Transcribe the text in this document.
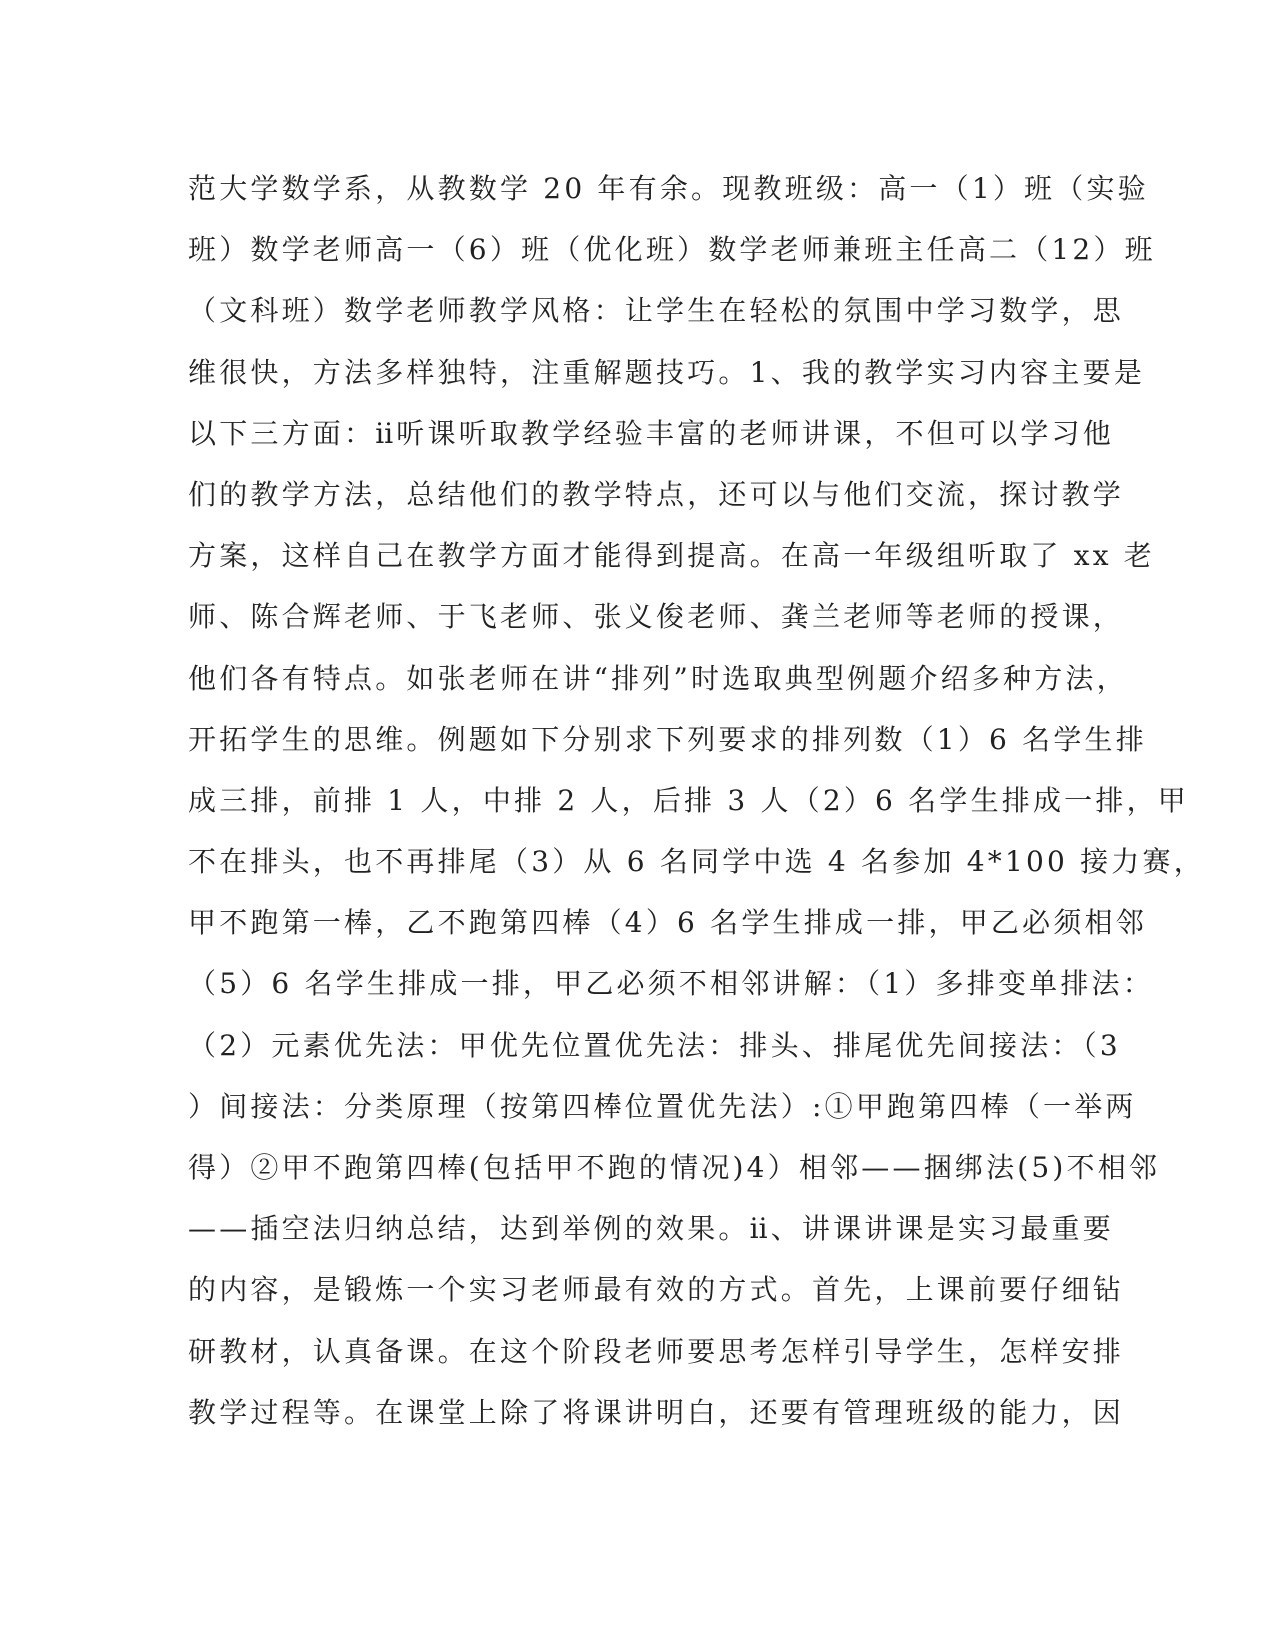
范大学数学系，从教数学 20 年有余。现教班级：高一（1）班（实验
班）数学老师高一（6）班（优化班）数学老师兼班主任高二（12）班
（文科班）数学老师教学风格：让学生在轻松的氛围中学习数学，思
维很快，方法多样独特，注重解题技巧。1、我的教学实习内容主要是
以下三方面：ⅱ听课听取教学经验丰富的老师讲课，不但可以学习他
们的教学方法，总结他们的教学特点，还可以与他们交流，探讨教学
方案，这样自己在教学方面才能得到提高。在高一年级组听取了 xx 老
师、陈合辉老师、于飞老师、张义俊老师、龚兰老师等老师的授课，
他们各有特点。如张老师在讲“排列”时选取典型例题介绍多种方法，
开拓学生的思维。例题如下分别求下列要求的排列数（1）6 名学生排
成三排，前排 1 人，中排 2 人，后排 3 人（2）6 名学生排成一排，甲
不在排头，也不再排尾（3）从 6 名同学中选 4 名参加 4*100 接力赛，
甲不跑第一棒，乙不跑第四棒（4）6 名学生排成一排，甲乙必须相邻
（5）6 名学生排成一排，甲乙必须不相邻讲解：（1）多排变单排法：
（2）元素优先法：甲优先位置优先法：排头、排尾优先间接法：（3
）间接法：分类原理（按第四棒位置优先法）:①甲跑第四棒（一举两
得）②甲不跑第四棒(包括甲不跑的情况)4）相邻——捆绑法(5)不相邻
——插空法归纳总结，达到举例的效果。ⅱ、讲课讲课是实习最重要
的内容，是锻炼一个实习老师最有效的方式。首先，上课前要仔细钻
研教材，认真备课。在这个阶段老师要思考怎样引导学生，怎样安排
教学过程等。在课堂上除了将课讲明白，还要有管理班级的能力，因
